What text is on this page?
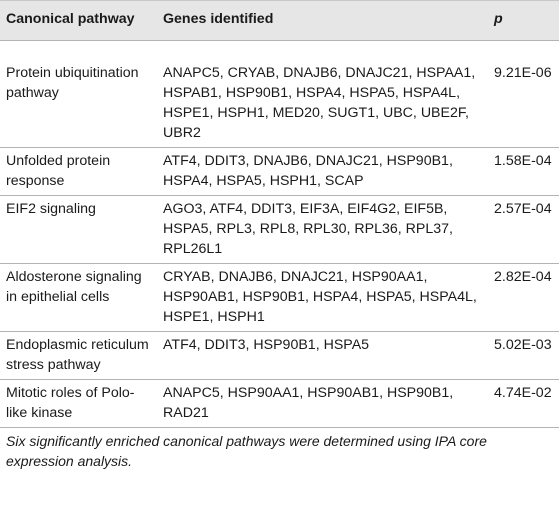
Canonical pathway	Genes identified	p
Protein ubiquitination pathway	ANAPC5, CRYAB, DNAJB6, DNAJC21, HSPAA1, HSPAB1, HSP90B1, HSPA4, HSPA5, HSPA4L, HSPE1, HSPH1, MED20, SUGT1, UBC, UBE2F, UBR2	9.21E-06
Unfolded protein response	ATF4, DDIT3, DNAJB6, DNAJC21, HSP90B1, HSPA4, HSPA5, HSPH1, SCAP	1.58E-04
EIF2 signaling	AGO3, ATF4, DDIT3, EIF3A, EIF4G2, EIF5B, HSPA5, RPL3, RPL8, RPL30, RPL36, RPL37, RPL26L1	2.57E-04
Aldosterone signaling in epithelial cells	CRYAB, DNAJB6, DNAJC21, HSP90AA1, HSP90AB1, HSP90B1, HSPA4, HSPA5, HSPA4L, HSPE1, HSPH1	2.82E-04
Endoplasmic reticulum stress pathway	ATF4, DDIT3, HSP90B1, HSPA5	5.02E-03
Mitotic roles of Polo-like kinase	ANAPC5, HSP90AA1, HSP90AB1, HSP90B1, RAD21	4.74E-02
Six significantly enriched canonical pathways were determined using IPA core expression analysis.
